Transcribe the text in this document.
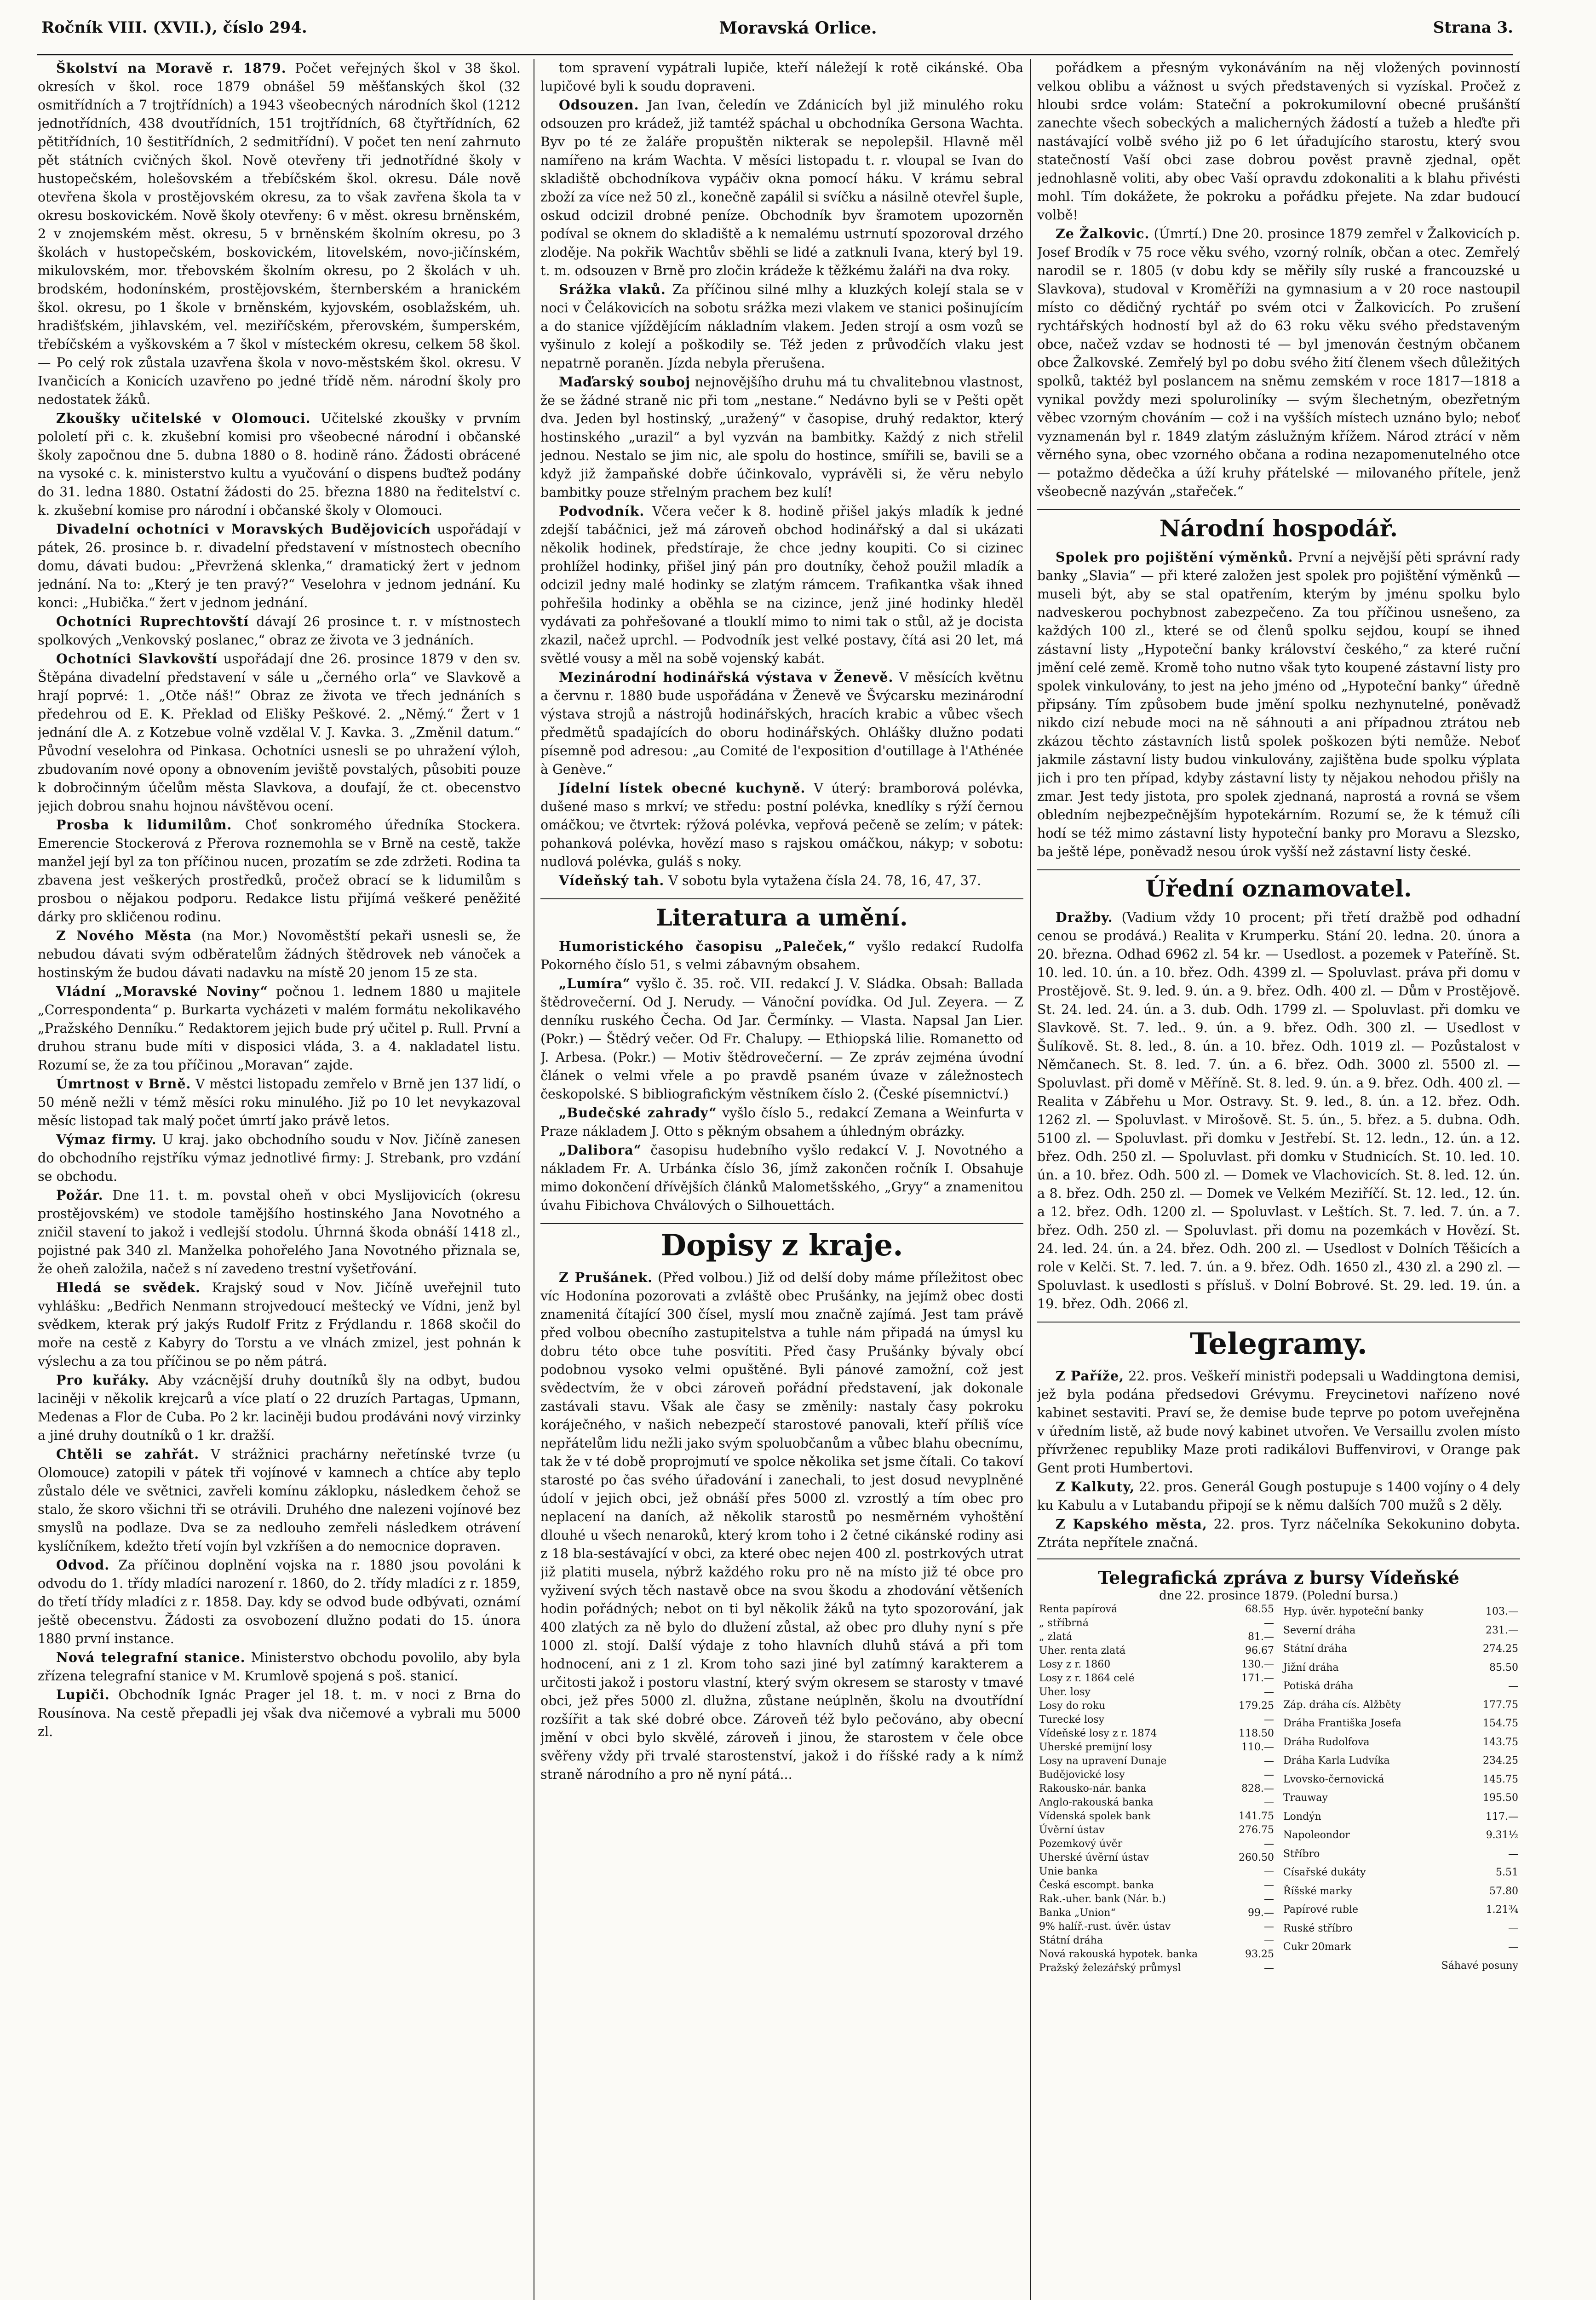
Ročník VIII. (XVII.), číslo 294.	Moravská Orlice.	Strana 3.

Školství na Moravě r. 1879. Počet veřejných škol v 38 škol. okresích v škol. roce 1879 obnášel 59 měšťanských škol (32 osmitřídních a 7 trojtřídních) a 1943 všeobecných národních škol (1212 jednotřídních, 438 dvoutřídních, 151 trojtřídních, 68 čtyřtřídních, 62 pětitřídních, 10 šestitřídních, 2 sedmitřídní). V počet ten není zahrnuto pět státních cvičných škol. Nově otevřeny tři jednotřídné školy v hustopečském, holešovském a třebíčském škol. okresu. Dále nově otevřena škola v prostějovském okresu, za to však zavřena škola ta v okresu boskovickém. Nově školy otevřeny: 6 v měst. okresu brněnském, 2 v znojemském měst. okresu, 5 v brněnském školním okresu, po 3 školách v hustopečském, boskovickém, litovelském, novo-jičínském, mikulovském, mor. třebovském školním okresu, po 2 školách v uh. brodském, hodonínském, prostějovském, šternberském a hranickém škol. okresu, po 1 škole v brněnském, kyjovském, osoblažském, uh. hradišťském, jihlavském, vel. meziříčském, přerovském, šumperském, třebíčském a vyškovském a 7 škol v místeckém okresu, celkem 58 škol. — Po celý rok zůstala uzavřena škola v novo-městském škol. okresu. V Ivančicích a Konicích uzavřeno po jedné třídě něm. národní školy pro nedostatek žáků.

Zkoušky učitelské v Olomouci. Učitelské zkoušky v prvním pololetí při c. k. zkušební komisi pro všeobecné národní i občanské školy započnou dne 5. dubna 1880 o 8. hodině ráno. Žádosti obrácené na vysoké c. k. ministerstvo kultu a vyučování o dispens buďtež podány do 31. ledna 1880. Ostatní žádosti do 25. března 1880 na ředitelství c. k. zkušební komise pro národní i občanské školy v Olomouci.

Divadelní ochotníci v Moravských Budějovicích uspořádají v pátek, 26. prosince b. r. divadelní představení v místnostech obecního domu, dávati budou: „Převržená sklenka,“ dramatický žert v jednom jednání. Na to: „Který je ten pravý?“ Veselohra v jednom jednání. Ku konci: „Hubička.“ žert v jednom jednání.

Ochotníci Ruprechtovští dávají 26 prosince t. r. v místnostech spolkových „Venkovský poslanec,“ obraz ze života ve 3 jednáních.

Ochotníci Slavkovští uspořádají dne 26. prosince 1879 v den sv. Štěpána divadelní představení v sále u „černého orla“ ve Slavkově a hrají poprvé: 1. „Otče náš!“ Obraz ze života ve třech jednáních s předehrou od E. K. Překlad od Elišky Peškové. 2. „Němý.“ Žert v 1 jednání dle A. z Kotzebue volně vzdělal V. J. Kavka. 3. „Změnil datum.“ Původní veselohra od Pinkasa. Ochotníci usnesli se po uhražení výloh, zbudovaním nové opony a obnovením jeviště povstalých, působiti pouze k dobročinným účelům města Slavkova, a doufají, že ct. obecenstvo jejich dobrou snahu hojnou návštěvou ocení.

Prosba k lidumilům. Choť sonkromého úředníka Stockera. Emerencie Stockerová z Přerova roznemohla se v Brně na cestě, takže manžel její byl za ton příčinou nucen, prozatím se zde zdržeti. Rodina ta zbavena jest veškerých prostředků, pročež obrací se k lidumilům s prosbou o nějakou podporu. Redakce listu přijímá veškeré peněžité dárky pro skličenou rodinu.

Z Nového Města (na Mor.) Novoměstští pekaři usnesli se, že nebudou dávati svým odběratelům žádných štědrovek neb vánoček a hostinským že budou dávati nadavku na místě 20 jenom 15 ze sta.

Vládní „Moravské Noviny“ počnou 1. lednem 1880 u majitele „Correspondenta“ p. Burkarta vycházeti v malém formátu nekolikavého „Pražského Denníku.“ Redaktorem jejich bude prý učitel p. Rull. První a druhou stranu bude míti v disposici vláda, 3. a 4. nakladatel listu. Rozumí se, že za tou příčinou „Moravan“ zajde.

Úmrtnost v Brně. V městci listopadu zemřelo v Brně jen 137 lidí, o 50 méně nežli v témž měsíci roku minulého. Již po 10 let nevykazoval měsíc listopad tak malý počet úmrtí jako právě letos.

Výmaz firmy. U kraj. jako obchodního soudu v Nov. Jičíně zanesen do obchodního rejstříku výmaz jednotlivé firmy: J. Strebank, pro vzdání se obchodu.

Požár. Dne 11. t. m. povstal oheň v obci Myslijovicích (okresu prostějovském) ve stodole tamějšího hostinského Jana Novotného a zničil stavení to jakož i vedlejší stodolu. Úhrnná škoda obnáší 1418 zl., pojistné pak 340 zl. Manželka pohořelého Jana Novotného přiznala se, že oheň založila, načež s ní zavedeno trestní vyšetřování.

Hledá se svědek. Krajský soud v Nov. Jičíně uveřejnil tuto vyhlášku: „Bedřich Nenmann strojvedoucí meštecký ve Vídni, jenž byl svědkem, kterak prý jakýs Rudolf Fritz z Frýdlandu r. 1868 skočil do moře na cestě z Kabyry do Torstu a ve vlnách zmizel, jest pohnán k výslechu a za tou příčinou se po něm pátrá.

Pro kuřáky. Aby vzácnější druhy doutníků šly na odbyt, budou laciněji v několik krejcarů a více platí o 22 druzích Partagas, Upmann, Medenas a Flor de Cuba. Po 2 kr. laciněji budou prodáváni nový virzinky a jiné druhy doutníků o 1 kr. dražší.

Chtěli se zahřát. V strážnici prachárny neřetínské tvrze (u Olomouce) zatopili v pátek tři vojínové v kamnech a chtíce aby teplo zůstalo déle ve světnici, zavřeli komínu záklopku, následkem čehož se stalo, že skoro všichni tři se otrávili. Druhého dne nalezeni vojínové bez smyslů na podlaze. Dva se za nedlouho zemřeli následkem otrávení kyslíčníkem, kdežto třetí vojín byl vzkříšen a do nemocnice dopraven.

Odvod. Za příčinou doplnění vojska na r. 1880 jsou povoláni k odvodu do 1. třídy mladíci narození r. 1860, do 2. třídy mladíci z r. 1859, do třetí třídy mladíci z r. 1858. Day. kdy se odvod bude odbývati, oznámí ještě obecenstvu. Žádosti za osvobození dlužno podati do 15. února 1880 první instance.

Nová telegrafní stanice. Ministerstvo obchodu povolilo, aby byla zřízena telegrafní stanice v M. Krumlově spojená s poš. stanicí.

Lupiči. Obchodník Ignác Prager jel 18. t. m. v noci z Brna do Rousínova. Na cestě přepadli jej však dva ničemové a vybrali mu 5000 zl.

tom spravení vypátrali lupiče, kteří náležejí k rotě cikánské. Oba lupičové byli k soudu dopraveni.

Odsouzen. Jan Ivan, čeledín ve Zdánicích byl již minulého roku odsouzen pro krádež, již tamtéž spáchal u obchodníka Gersona Wachta. Byv po té ze žaláře propuštěn nikterak se nepolepšil. Hlavně měl namířeno na krám Wachta. V měsíci listopadu t. r. vloupal se Ivan do skladiště obchodníkova vypáčiv okna pomocí háku. V krámu sebral zboží za více než 50 zl., konečně zapálil si svíčku a násilně otevřel šuple, oskud odcizil drobné peníze. Obchodník byv šramotem upozorněn podíval se oknem do skladiště a k nemalému ustrnutí spozoroval drzého zloděje. Na pokřik Wachtův sběhli se lidé a zatknuli Ivana, který byl 19. t. m. odsouzen v Brně pro zločin krádeže k těžkému žaláři na dva roky.

Srážka vlaků. Za příčinou silné mlhy a kluzkých kolejí stala se v noci v Čelákovicích na sobotu srážka mezi vlakem ve stanici pošinujícím a do stanice vjíždějícím nákladním vlakem. Jeden strojí a osm vozů se vyšinulo z kolejí a poškodily se. Též jeden z průvodčích vlaku jest nepatrně poraněn. Jízda nebyla přerušena.

Maďarský souboj nejnovějšího druhu má tu chvalitebnou vlastnost, že se žádné straně nic při tom „nestane.“ Nedávno byli se v Pešti opět dva. Jeden byl hostinský, „uražený“ v časopise, druhý redaktor, který hostinského „urazil“ a byl vyzván na bambitky. Každý z nich střelil jednou. Nestalo se jim nic, ale spolu do hostince, smířili se, bavili se a když již žampaňské dobře účinkovalo, vyprávěli si, že věru nebylo bambitky pouze střelným prachem bez kulí!

Podvodník. Včera večer k 8. hodině přišel jakýs mladík k jedné zdejší tabáčnici, jež má zároveň obchod hodinářský a dal si ukázati několik hodinek, předstíraje, že chce jedny koupiti. Co si cizinec prohlížel hodinky, přišel jiný pán pro doutníky, čehož použil mladík a odcizil jedny malé hodinky se zlatým rámcem. Trafikantka však ihned pohřešila hodinky a oběhla se na cizince, jenž jiné hodinky hleděl vydávati za pohřešované a tlouklí mimo to nimi tak o stůl, až je docista zkazil, načež uprchl. — Podvodník jest velké postavy, čítá asi 20 let, má světlé vousy a měl na sobě vojenský kabát.

Mezinárodní hodinářská výstava v Ženevě. V měsících květnu a červnu r. 1880 bude uspořádána v Ženevě ve Švýcarsku mezinárodní výstava strojů a nástrojů hodinářských, hracích krabic a vůbec všech předmětů spadajících do oboru hodinářských. Ohlášky dlužno podati písemně pod adresou: „au Comité de l'exposition d'outillage à l'Athénée à Genève.“

Jídelní lístek obecné kuchyně. V úterý: bramborová polévka, dušené maso s mrkví; ve středu: postní polévka, knedlíky s rýží černou omáčkou; ve čtvrtek: rýžová polévka, vepřová pečeně se zelím; v pátek: pohanková polévka, hovězí maso s rajskou omáčkou, nákyp; v sobotu: nudlová polévka, guláš s noky.

Vídeňský tah. V sobotu byla vytažena čísla 24. 78, 16, 47, 37.

Literatura a umění.

Humoristického časopisu „Paleček,“ vyšlo redakcí Rudolfa Pokorného číslo 51, s velmi zábavným obsahem.

„Lumíra“ vyšlo č. 35. roč. VII. redakcí J. V. Sládka. Obsah: Ballada štědrovečerní. Od J. Nerudy. — Vánoční povídka. Od Jul. Zeyera. — Z denníku ruského Čecha. Od Jar. Čermínky. — Vlasta. Napsal Jan Lier. (Pokr.) — Štědrý večer. Od Fr. Chalupy. — Ethiopská lilie. Romanetto od J. Arbesa. (Pokr.) — Motiv štědrovečerní. — Ze zpráv zejména úvodní článek o velmi vřele a po pravdě psaném úvaze v záležnostech českopolské. S bibliografickým věstníkem číslo 2. (České písemnictví.)

„Budečské zahrady“ vyšlo číslo 5., redakcí Zemana a Weinfurta v Praze nákladem J. Otto s pěkným obsahem a úhledným obrázky.

„Dalibora“ časopisu hudebního vyšlo redakcí V. J. Novotného a nákladem Fr. A. Urbánka číslo 36, jímž zakončen ročník I. Obsahuje mimo dokončení dřívějších článků Malometšského, „Gryy“ a znamenitou úvahu Fibichova Chválových o Silhouettách.

Dopisy z kraje.

Z Prušánek. (Před volbou.) Již od delší doby máme příležitost obec víc Hodonína pozorovati a zvláště obec Prušánky, na jejímž obec dosti znamenitá čítající 300 čísel, myslí mou značně zajímá. Jest tam právě před volbou obecního zastupitelstva a tuhle nám připadá na úmysl ku dobru této obce tuhe posvítiti. Před časy Prušánky bývaly obcí podobnou vysoko velmi opuštěné. Byli pánové zamožní, což jest svědectvím, že v obci zároveň pořádní představení, jak dokonale zastávali stavu. Však ale časy se změnily: nastaly časy pokroku koráječného, v našich nebezpečí starostové panovali, kteří příliš více nepřátelům lidu nežli jako svým spoluobčanům a vůbec blahu obecnímu, tak že v té době proprojmutí ve spolce několika set jsme čítali. Co takoví starosté po čas svého úřadování i zanechali, to jest dosud nevyplněné údolí v jejich obci, jež obnáší přes 5000 zl. vzrostlý a tím obec pro neplacení na daních, až několik starostů po nesměrném vyhoštění dlouhé u všech nenaroků, který krom toho i 2 četné cikánské rodiny asi z 18 bla-sestávající v obci, za které obec nejen 400 zl. postrkových utrat již platiti musela, nýbrž každého roku pro ně na místo již té obce pro vyživení svých těch nastavě obce na svou škodu a zhodování většeních hodin pořádných; nebot on ti byl několik žáků na tyto spozorování, jak 400 zlatých za ně bylo do dlužení zůstal, až obec pro dluhy nyní s pře 1000 zl. stojí. Další výdaje z toho hlavních dluhů stává a při tom hodnocení, ani z 1 zl. Krom toho sazi jiné byl zatímný karakterem a určitosti jakož i postoru vlastní, který svým okresem se starosty v tmavé obci, jež přes 5000 zl. dlužna, zůstane neúplněn, školu na dvoutřídní rozšířit a tak ské dobré obce. Zároveň též bylo pečováno, aby obecní jmění v obci bylo skvělé, zároveň i jinou, že starostem v čele obce svěřeny vždy při trvalé starostenství, jakož i do říšské rady a k nímž straně národního a pro ně nyní pátá...

pořádkem a přesným vykonáváním na něj vložených povinností velkou oblibu a vážnost u svých představených si vyzískal. Pročež z hloubi srdce volám: Stateční a pokrokumilovní obecné prušánští zanechte všech sobeckých a malicherných žádostí a tužeb a hleďte při nastávající volbě svého již po 6 let úřadujícího starostu, který svou statečností Vaší obci zase dobrou pověst pravně zjednal, opět jednohlasně voliti, aby obec Vaší opravdu zdokonaliti a k blahu přivésti mohl. Tím dokážete, že pokroku a pořádku přejete. Na zdar budoucí volbě!

Ze Žalkovic. (Úmrtí.) Dne 20. prosince 1879 zemřel v Žalkovicích p. Josef Brodík v 75 roce věku svého, vzorný rolník, občan a otec. Zemřelý narodil se r. 1805 (v dobu kdy se měřily síly ruské a francouzské u Slavkova), studoval v Kroměříži na gymnasium a v 20 roce nastoupil místo co dědičný rychtář po svém otci v Žalkovicích. Po zrušení rychtářských hodností byl až do 63 roku věku svého představeným obce, načež vzdav se hodnosti té — byl jmenován čestným občanem obce Žalkovské. Zemřelý byl po dobu svého žití členem všech důležitých spolků, taktéž byl poslancem na sněmu zemském v roce 1817—1818 a vynikal povždy mezi spoluroliníky — svým šlechetným, obezřetným věbec vzorným chováním — což i na vyšších místech uznáno bylo; neboť vyznamenán byl r. 1849 zlatým záslužným křížem. Národ ztrácí v něm věrného syna, obec vzorného občana a rodina nezapomenutelného otce — potažmo dědečka a úží kruhy přátelské — milovaného přítele, jenž všeobecně nazýván „stařeček.“

Národní hospodář.

Spolek pro pojištění výměnků. První a nejvější pěti správní rady banky „Slavia“ — při které založen jest spolek pro pojištění výměnků — museli být, aby se stal opatřením, kterým by jménu spolku bylo nadveskerou pochybnost zabezpečeno. Za tou příčinou usnešeno, za každých 100 zl., které se od členů spolku sejdou, koupí se ihned zástavní listy „Hypoteční banky království českého,“ za které ruční jmění celé země. Kromě toho nutno však tyto koupené zástavní listy pro spolek vinkulovány, to jest na jeho jméno od „Hypoteční banky“ úředně připsány. Tím způsobem bude jmění spolku nezhynutelné, poněvadž nikdo cizí nebude moci na ně sáhnouti a ani případnou ztrátou neb zkázou těchto zástavních listů spolek poškozen býti nemůže. Neboť jakmile zástavní listy budou vinkulovány, zajištěna bude spolku výplata jich i pro ten případ, kdyby zástavní listy ty nějakou nehodou přišly na zmar. Jest tedy jistota, pro spolek zjednaná, naprostá a rovná se všem obledním nejbezpečnějším hypotekárním. Rozumí se, že k témuž cíli hodí se též mimo zástavní listy hypoteční banky pro Moravu a Slezsko, ba ještě lépe, poněvadž nesou úrok vyšší než zástavní listy české.

Úřední oznamovatel.

Dražby. (Vadium vždy 10 procent; při třetí dražbě pod odhadní cenou se prodává.) Realita v Krumperku. Stání 20. ledna. 20. února a 20. března. Odhad 6962 zl. 54 kr. — Usedlost. a pozemek v Pateříně. St. 10. led. 10. ún. a 10. břez. Odh. 4399 zl. — Spoluvlast. práva při domu v Prostějově. St. 9. led. 9. ún. a 9. břez. Odh. 400 zl. — Dům v Prostějově. St. 24. led. 24. ún. a 3. dub. Odh. 1799 zl. — Spoluvlast. při domku ve Slavkově. St. 7. led.. 9. ún. a 9. břez. Odh. 300 zl. — Usedlost v Šulíkově. St. 8. led., 8. ún. a 10. břez. Odh. 1019 zl. — Pozůstalost v Němčanech. St. 8. led. 7. ún. a 6. břez. Odh. 3000 zl. 5500 zl. — Spoluvlast. při domě v Měříně. St. 8. led. 9. ún. a 9. břez. Odh. 400 zl. — Realita v Zábřehu u Mor. Ostravy. St. 9. led., 8. ún. a 12. břez. Odh. 1262 zl. — Spoluvlast. v Mirošově. St. 5. ún., 5. břez. a 5. dubna. Odh. 5100 zl. — Spoluvlast. při domku v Jestřebí. St. 12. ledn., 12. ún. a 12. břez. Odh. 250 zl. — Spoluvlast. při domku v Studnicích. St. 10. led. 10. ún. a 10. břez. Odh. 500 zl. — Domek ve Vlachovicích. St. 8. led. 12. ún. a 8. břez. Odh. 250 zl. — Domek ve Velkém Meziříčí. St. 12. led., 12. ún. a 12. břez. Odh. 1200 zl. — Spoluvlast. v Leštích. St. 7. led. 7. ún. a 7. břez. Odh. 250 zl. — Spoluvlast. při domu na pozemkách v Hovězí. St. 24. led. 24. ún. a 24. břez. Odh. 200 zl. — Usedlost v Dolních Těšicích a role v Kelči. St. 7. led. 7. ún. a 9. břez. Odh. 1650 zl., 430 zl. a 290 zl. — Spoluvlast. k usedlosti s přísluš. v Dolní Bobrové. St. 29. led. 19. ún. a 19. břez. Odh. 2066 zl.

Telegramy.

Z Paříže, 22. pros. Veškeří ministři podepsali u Waddingtona demisi, jež byla podána předsedovi Grévymu. Freycinetovi nařízeno nové kabinet sestaviti. Praví se, že demise bude teprve po potom uveřejněna v úředním listě, až bude nový kabinet utvořen. Ve Versaillu zvolen místo přívrženec republiky Maze proti radikálovi Buffenvirovi, v Orange pak Gent proti Humbertovi.

Z Kalkuty, 22. pros. Generál Gough postupuje s 1400 vojíny o 4 dely ku Kabulu a v Lutabandu připojí se k němu dalších 700 mužů s 2 děly.

Z Kapského města, 22. pros. Tyrz náčelníka Sekokunino dobyta. Ztráta nepřítele značná.

Telegrafická zpráva z bursy Vídeňské
dne 22. prosince 1879. (Polední bursa.)
Renta papírová	68.55
„ stříbrná	—
„ zlatá	81.—
Uher. renta zlatá	96.67
Losy z r. 1860	130.—
Losy z r. 1864 celé	171.—
Uher. losy	—
Losy do roku	179.25
Turecké losy	—
Vídeňské losy z r. 1874	118.50
Uherské premijní losy	110.—
Losy na upravení Dunaje	—
Budějovické losy	—
Rakousko-nár. banka	828.—
Anglo-rakouská banka	—
Vídenská spolek bank	141.75
Úvěrní ústav	276.75
Pozemkový úvěr	—
Uherské úvěrní ústav	260.50
Unie banka	—
Česká escompt. banka	—
Rak.-uher. bank (Nár. b.)	—
Banka „Union“	99.—
9% halíř.-rust. úvěr. ústav	—
Státní dráha	—
Nová rakouská hypotek. banka	93.25
Pražský železářský průmysl	—
Hyp. úvěr. hypoteční banky	103.—
Severní dráha	231.—
Státní dráha	274.25
Jižní dráha	85.50
Potiská dráha	—
Záp. dráha cís. Alžběty	177.75
Dráha Františka Josefa	154.75
Dráha Rudolfova	143.75
Dráha Karla Ludvíka	234.25
Lvovsko-černovická	145.75
Trauway	195.50
Londýn	117.—
Napoleondor	9.31½
Stříbro	—
Císařské dukáty	5.51
Říšské marky	57.80
Papírové ruble	1.21¾
Ruské stříbro	—
Cukr 20mark	—
	Sáhavé posuny
